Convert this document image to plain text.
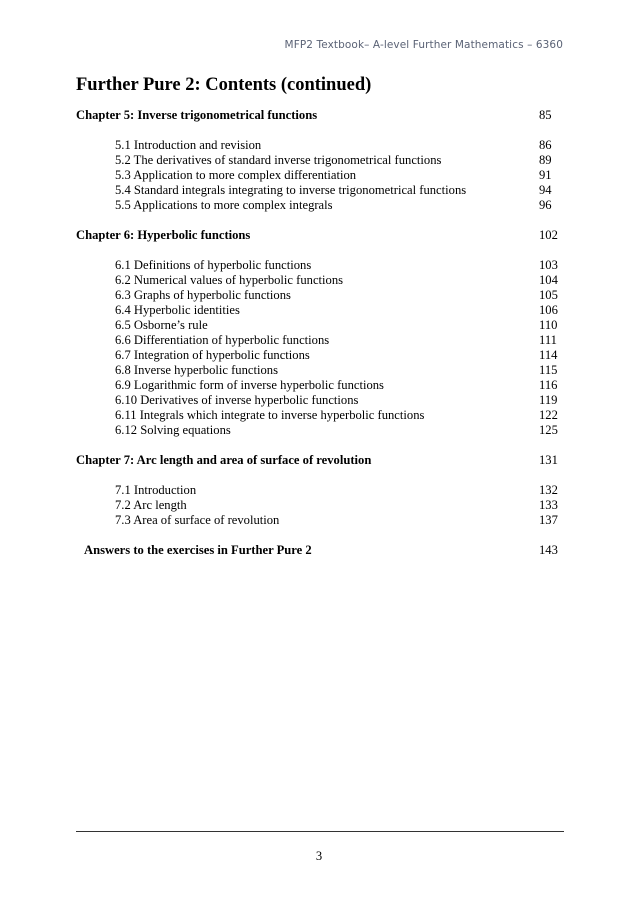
MFP2 Textbook– A-level Further Mathematics – 6360
Further Pure 2: Contents (continued)
Chapter 5: Inverse trigonometrical functions	85
5.1 Introduction and revision	86
5.2 The derivatives of standard inverse trigonometrical functions	89
5.3 Application to more complex differentiation	91
5.4 Standard integrals integrating to inverse trigonometrical functions	94
5.5 Applications to more complex integrals	96
Chapter 6: Hyperbolic functions	102
6.1 Definitions of hyperbolic functions	103
6.2 Numerical values of hyperbolic functions	104
6.3 Graphs of hyperbolic functions	105
6.4 Hyperbolic identities	106
6.5 Osborne’s rule	110
6.6 Differentiation of hyperbolic functions	111
6.7 Integration of hyperbolic functions	114
6.8 Inverse hyperbolic functions	115
6.9 Logarithmic form of inverse hyperbolic functions	116
6.10 Derivatives of inverse hyperbolic functions	119
6.11 Integrals which integrate to inverse hyperbolic functions	122
6.12 Solving equations	125
Chapter 7: Arc length and area of surface of revolution	131
7.1 Introduction	132
7.2 Arc length	133
7.3 Area of surface of revolution	137
Answers to the exercises in Further Pure 2	143
3
